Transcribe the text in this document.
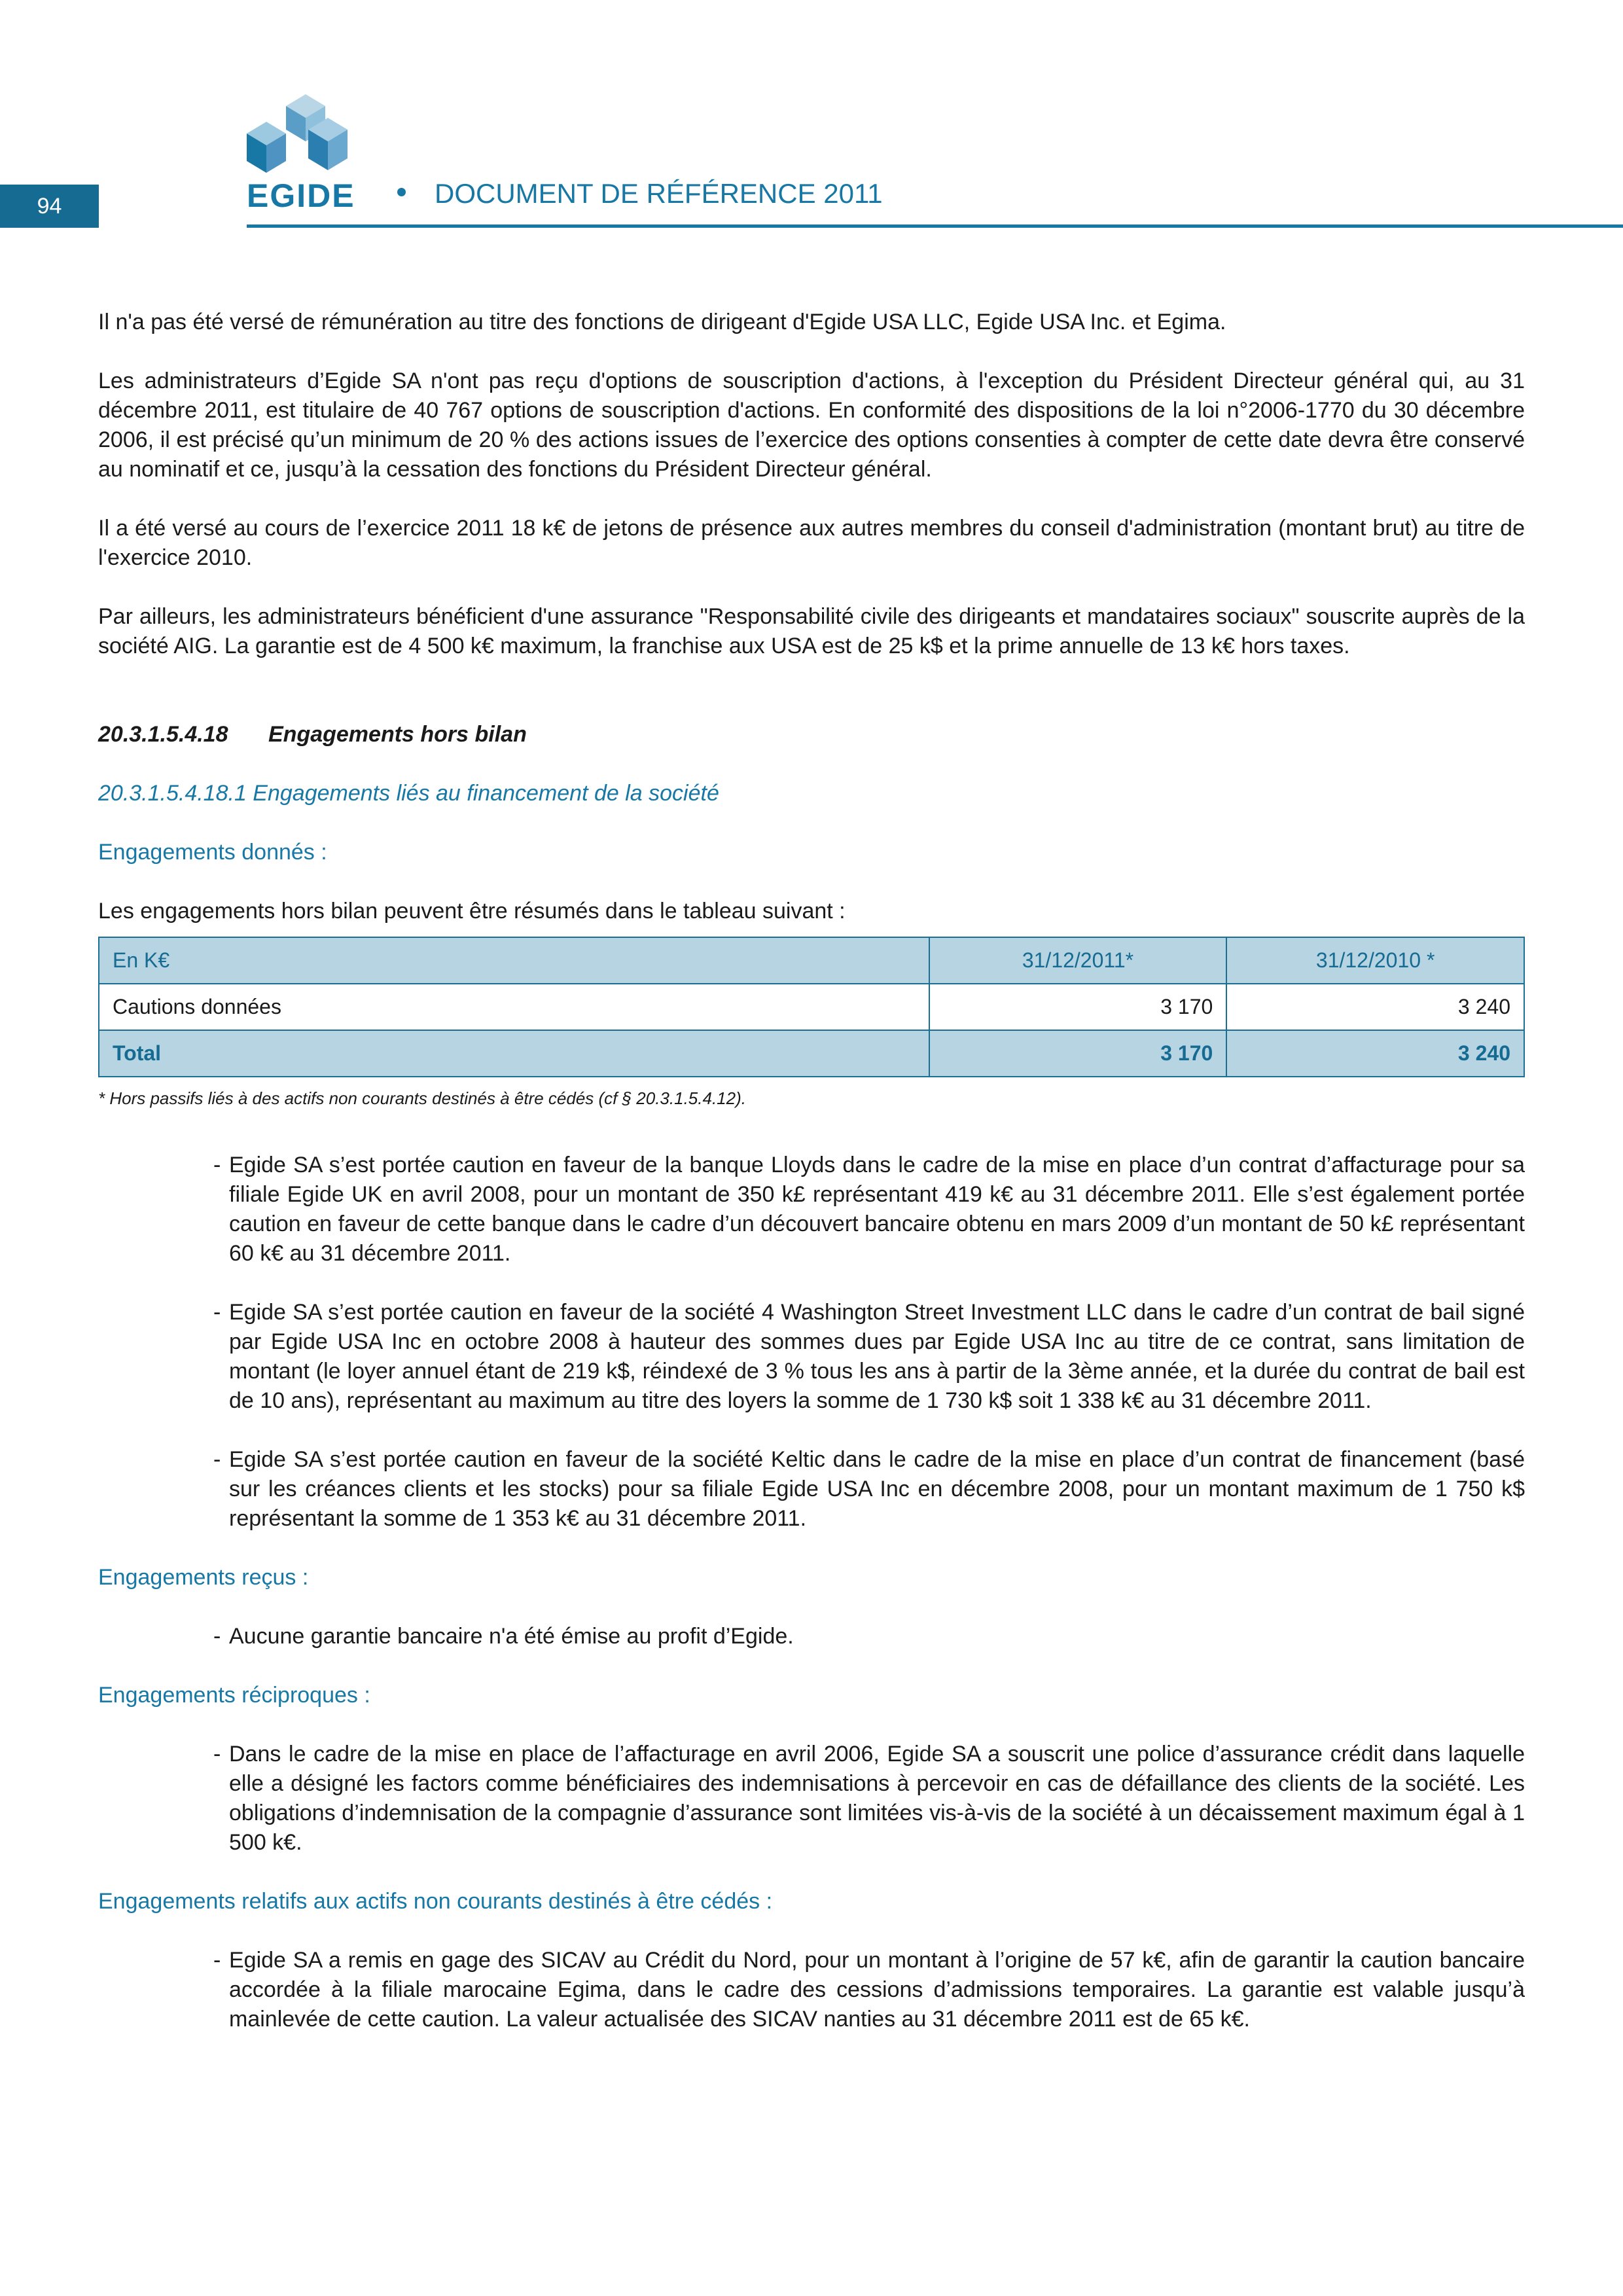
94	EGIDE	DOCUMENT DE RÉFÉRENCE 2011

Il n'a pas été versé de rémunération au titre des fonctions de dirigeant d'Egide USA LLC, Egide USA Inc. et Egima.

Les administrateurs d’Egide SA n'ont pas reçu d'options de souscription d'actions, à l'exception du Président Directeur général qui, au 31 décembre 2011, est titulaire de 40 767 options de souscription d'actions. En conformité des dispositions de la loi n°2006-1770 du 30 décembre 2006, il est précisé qu’un minimum de 20 % des actions issues de l’exercice des options consenties à compter de cette date devra être conservé au nominatif et ce, jusqu’à la cessation des fonctions du Président Directeur général.

Il a été versé au cours de l’exercice 2011 18 k€ de jetons de présence aux autres membres du conseil d'administration (montant brut) au titre de l'exercice 2010.

Par ailleurs, les administrateurs bénéficient d'une assurance "Responsabilité civile des dirigeants et mandataires sociaux" souscrite auprès de la société AIG. La garantie est de 4 500 k€ maximum, la franchise aux USA est de 25 k$ et la prime annuelle de 13 k€ hors taxes.

20.3.1.5.4.18 Engagements hors bilan
20.3.1.5.4.18.1 Engagements liés au financement de la société
Engagements donnés :
Les engagements hors bilan peuvent être résumés dans le tableau suivant :
En K€	31/12/2011*	31/12/2010 *
Cautions données	3 170	3 240
Total	3 170	3 240

* Hors passifs liés à des actifs non courants destinés à être cédés (cf § 20.3.1.5.4.12).

- Egide SA s’est portée caution en faveur de la banque Lloyds dans le cadre de la mise en place d’un contrat d’affacturage pour sa filiale Egide UK en avril 2008, pour un montant de 350 k£ représentant 419 k€ au 31 décembre 2011. Elle s’est également portée caution en faveur de cette banque dans le cadre d’un découvert bancaire obtenu en mars 2009 d’un montant de 50 k£ représentant 60 k€ au 31 décembre 2011.
- Egide SA s’est portée caution en faveur de la société 4 Washington Street Investment LLC dans le cadre d’un contrat de bail signé par Egide USA Inc en octobre 2008 à hauteur des sommes dues par Egide USA Inc au titre de ce contrat, sans limitation de montant (le loyer annuel étant de 219 k$, réindexé de 3 % tous les ans à partir de la 3ème année, et la durée du contrat de bail est de 10 ans), représentant au maximum au titre des loyers la somme de 1 730 k$ soit 1 338 k€ au 31 décembre 2011.
- Egide SA s’est portée caution en faveur de la société Keltic dans le cadre de la mise en place d’un contrat de financement (basé sur les créances clients et les stocks) pour sa filiale Egide USA Inc en décembre 2008, pour un montant maximum de 1 750 k$ représentant la somme de 1 353 k€ au 31 décembre 2011.
Engagements reçus :
- Aucune garantie bancaire n'a été émise au profit d’Egide.
Engagements réciproques :
- Dans le cadre de la mise en place de l’affacturage en avril 2006, Egide SA a souscrit une police d’assurance crédit dans laquelle elle a désigné les factors comme bénéficiaires des indemnisations à percevoir en cas de défaillance des clients de la société. Les obligations d’indemnisation de la compagnie d’assurance sont limitées vis-à-vis de la société à un décaissement maximum égal à 1 500 k€.
Engagements relatifs aux actifs non courants destinés à être cédés :
- Egide SA a remis en gage des SICAV au Crédit du Nord, pour un montant à l’origine de 57 k€, afin de garantir la caution bancaire accordée à la filiale marocaine Egima, dans le cadre des cessions d’admissions temporaires. La garantie est valable jusqu’à mainlevée de cette caution. La valeur actualisée des SICAV nanties au 31 décembre 2011 est de 65 k€.
